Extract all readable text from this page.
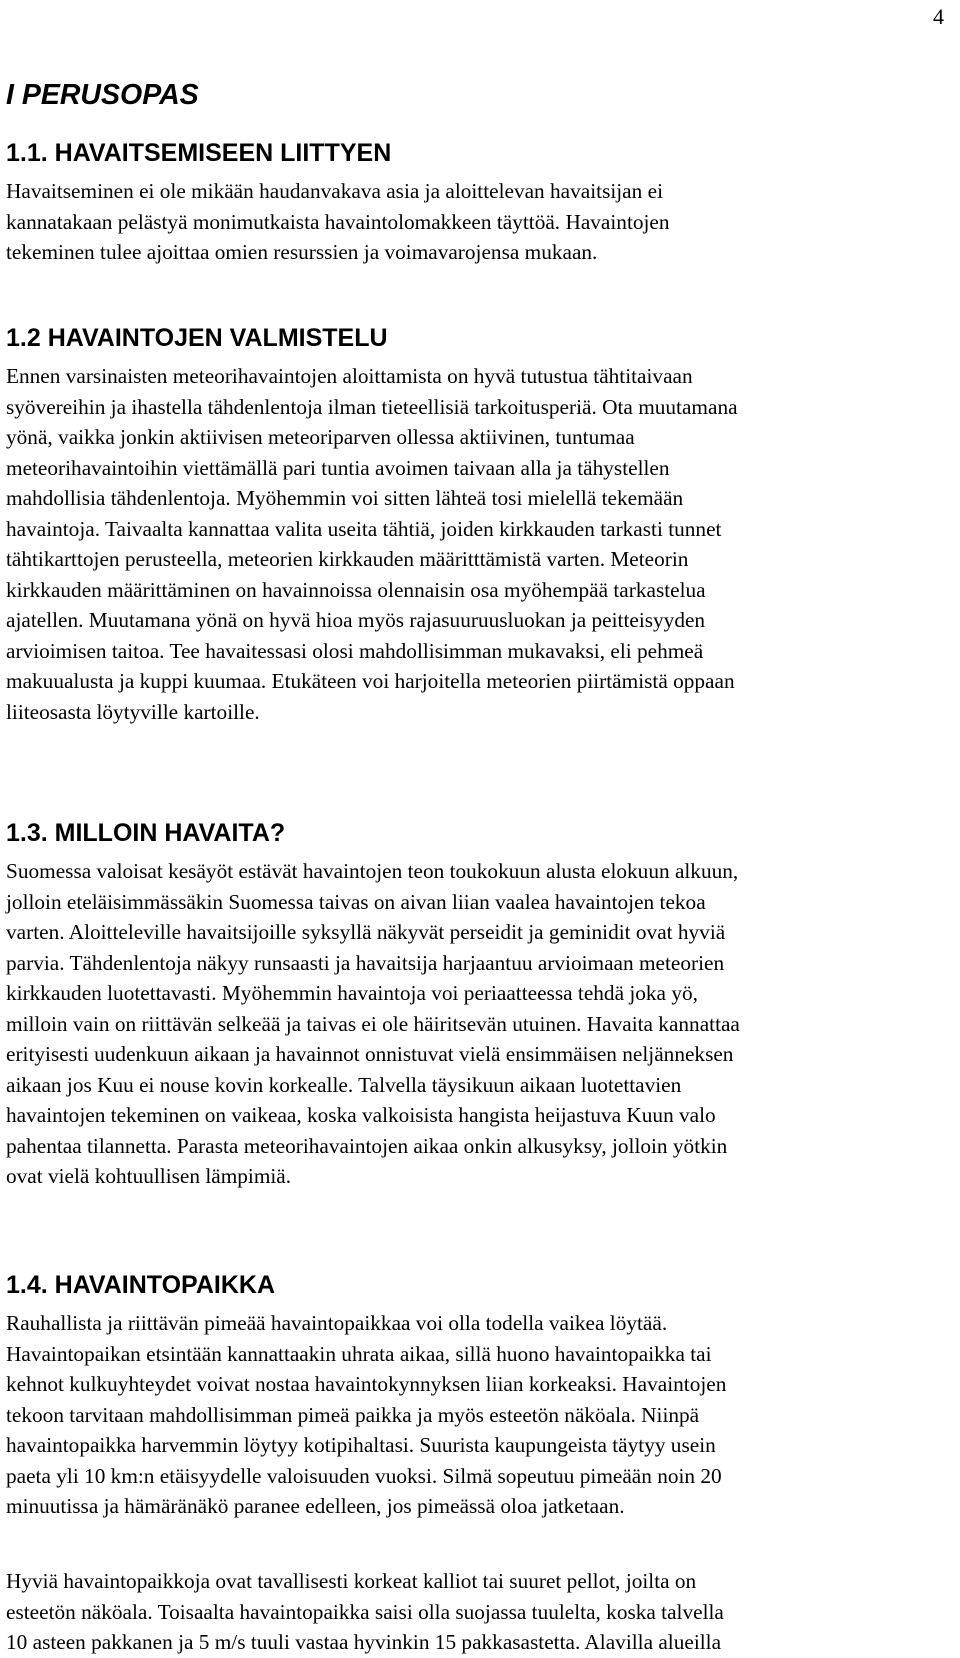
4
I PERUSOPAS
1.1. HAVAITSEMISEEN LIITTYEN
Havaitseminen ei ole mikään haudanvakava asia ja aloittelevan havaitsijan ei
kannatakaan pelästyä monimutkaista havaintolomakkeen täyttöä. Havaintojen
tekeminen tulee ajoittaa omien resurssien ja voimavarojensa mukaan.
1.2 HAVAINTOJEN VALMISTELU
Ennen varsinaisten meteorihavaintojen aloittamista on hyvä tutustua tähtitaivaan
syövereihin ja ihastella tähdenlentoja ilman tieteellisiä tarkoitusperiä. Ota muutamana
yönä, vaikka jonkin aktiivisen meteoriparven ollessa aktiivinen, tuntumaa
meteorihavaintoihin viettämällä pari tuntia avoimen taivaan alla ja tähystellen
mahdollisia tähdenlentoja. Myöhemmin voi sitten lähteä tosi mielellä tekemään
havaintoja. Taivaalta kannattaa valita useita tähtiä, joiden kirkkauden tarkasti tunnet
tähtikarttojen perusteella, meteorien kirkkauden määritttämistä varten. Meteorin
kirkkauden määrittäminen on havainnoissa olennaisin osa myöhempää tarkastelua
ajatellen. Muutamana yönä on hyvä hioa myös rajasuuruusluokan ja peitteisyyden
arvioimisen taitoa. Tee havaitessasi olosi mahdollisimman mukavaksi, eli pehmeä
makuualusta ja kuppi kuumaa. Etukäteen voi harjoitella meteorien piirtämistä oppaan
liiteosasta löytyville kartoille.
1.3. MILLOIN HAVAITA?
Suomessa valoisat kesäyöt estävät havaintojen teon toukokuun alusta elokuun alkuun,
jolloin eteläisimmässäkin Suomessa taivas on aivan liian vaalea havaintojen tekoa
varten. Aloitteleville havaitsijoille syksyllä näkyvät perseidit ja geminidit ovat hyviä
parvia. Tähdenlentoja näkyy runsaasti ja havaitsija harjaantuu arvioimaan meteorien
kirkkauden luotettavasti. Myöhemmin havaintoja voi periaatteessa tehdä joka yö,
milloin vain on riittävän selkeää ja taivas ei ole häiritsevän utuinen. Havaita kannattaa
erityisesti uudenkuun aikaan ja havainnot onnistuvat vielä ensimmäisen neljänneksen
aikaan jos Kuu ei nouse kovin korkealle. Talvella täysikuun aikaan luotettavien
havaintojen tekeminen on vaikeaa, koska valkoisista hangista heijastuva Kuun valo
pahentaa tilannetta. Parasta meteorihavaintojen aikaa onkin alkusyksy, jolloin yötkin
ovat vielä kohtuullisen lämpimiä.
1.4. HAVAINTOPAIKKA
Rauhallista ja riittävän pimeää havaintopaikkaa voi olla todella vaikea löytää.
Havaintopaikan etsintään kannattaakin uhrata aikaa, sillä huono havaintopaikka tai
kehnot kulkuyhteydet voivat nostaa havaintokynnyksen liian korkeaksi. Havaintojen
tekoon tarvitaan mahdollisimman pimeä paikka ja myös esteetön näköala. Niinpä
havaintopaikka harvemmin löytyy kotipihaltasi. Suurista kaupungeista täytyy usein
paeta yli 10 km:n etäisyydelle valoisuuden vuoksi. Silmä sopeutuu pimeään noin 20
minuutissa ja hämäränäkö paranee edelleen, jos pimeässä oloa jatketaan.
Hyviä havaintopaikkoja ovat tavallisesti korkeat kalliot tai suuret pellot, joilta on
esteetön näköala. Toisaalta havaintopaikka saisi olla suojassa tuulelta, koska talvella
10 asteen pakkanen ja 5 m/s tuuli vastaa hyvinkin 15 pakkasastetta. Alavilla alueilla
